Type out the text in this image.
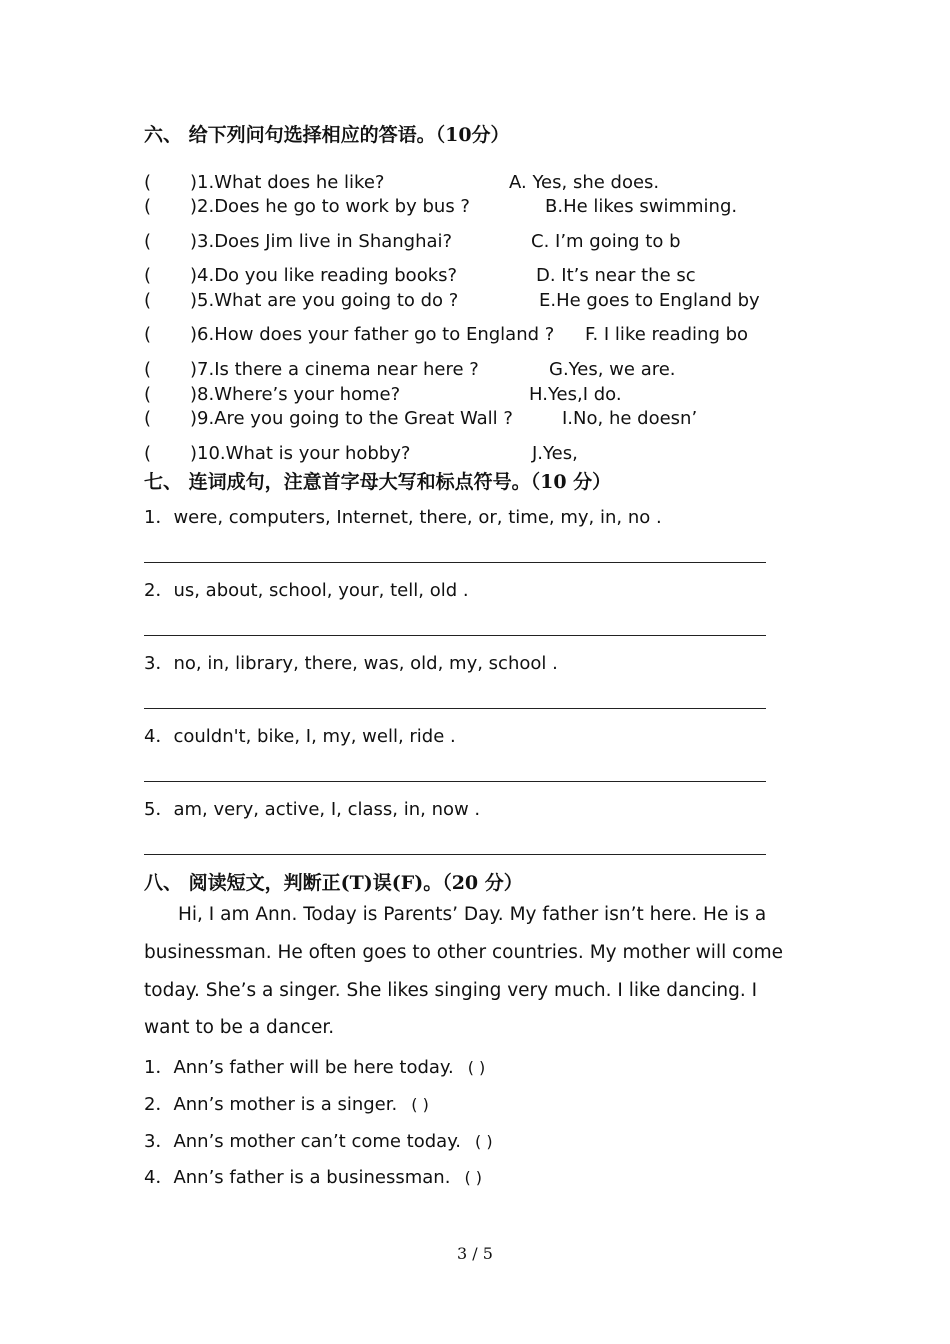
六、 给下列问句选择相应的答语。（10分）
( )1.What does he like?	A. Yes, she does.
( )2.Does he go to work by bus ?	B.He likes swimming.
( )3.Does Jim live in Shanghai?	C. I’m going to b
( )4.Do you like reading books?	D. It’s near the sc
( )5.What are you going to do ?	E.He goes to England by
( )6.How does your father go to England ? F. I like reading bo
( )7.Is there a cinema near here ?	G.Yes, we are.
( )8.Where’s your home?	H.Yes,I do.
( )9.Are you going to the Great Wall ?	I.No, he doesn’
( )10.What is your hobby?	J.Yes,
七、 连词成句，注意首字母大写和标点符号。（10 分）
1．were, computers, Internet, there, or, time, my, in, no .
2．us, about, school, your, tell, old .
3．no, in, library, there, was, old, my, school .
4．couldn't, bike, I, my, well, ride .
5．am, very, active, I, class, in, now .
八、 阅读短文，判断正(T)误(F)。（20 分）
Hi, I am Ann. Today is Parents’ Day. My father isn’t here. He is a
businessman. He often goes to other countries. My mother will come
today. She’s a singer. She likes singing very much. I like dancing. I
want to be a dancer.
1．Ann’s father will be here today. ( )
2．Ann’s mother is a singer. ( )
3．Ann’s mother can’t come today. ( )
4．Ann’s father is a businessman. ( )
3 / 5
